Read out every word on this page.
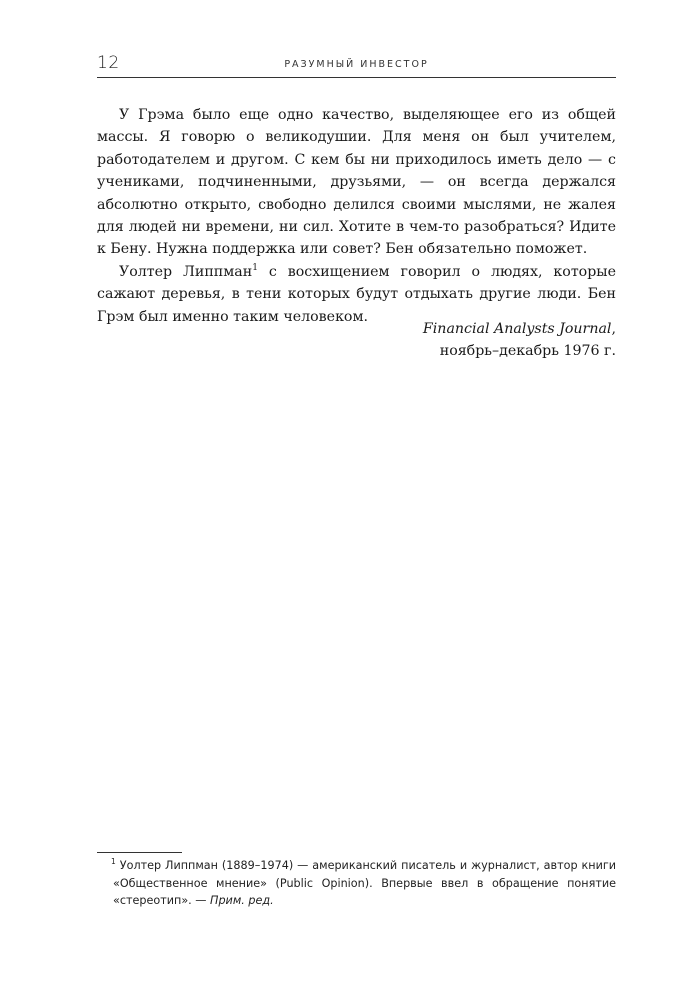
12	РАЗУМНЫЙ ИНВЕСТОР

У Грэма было еще одно качество, выделяющее его из общей массы. Я говорю о великодушии. Для меня он был учителем, работодателем и другом. С кем бы ни приходилось иметь дело — с учениками, подчиненными, друзьями, — он всегда держался абсолютно открыто, свободно делился своими мыслями, не жалея для людей ни времени, ни сил. Хотите в чем-то разобраться? Идите к Бену. Нужна поддержка или совет? Бен обязательно поможет.

Уолтер Липпман$^1$ с восхищением говорил о людях, которые сажают деревья, в тени которых будут отдыхать другие люди. Бен Грэм был именно таким человеком.

Financial Analysts Journal,
ноябрь–декабрь 1976 г.

$^1$ Уолтер Липпман (1889–1974) — американский писатель и журналист, автор книги «Общественное мнение» (Public Opinion). Впервые ввел в обращение понятие «стереотип». — Прим. ред.
